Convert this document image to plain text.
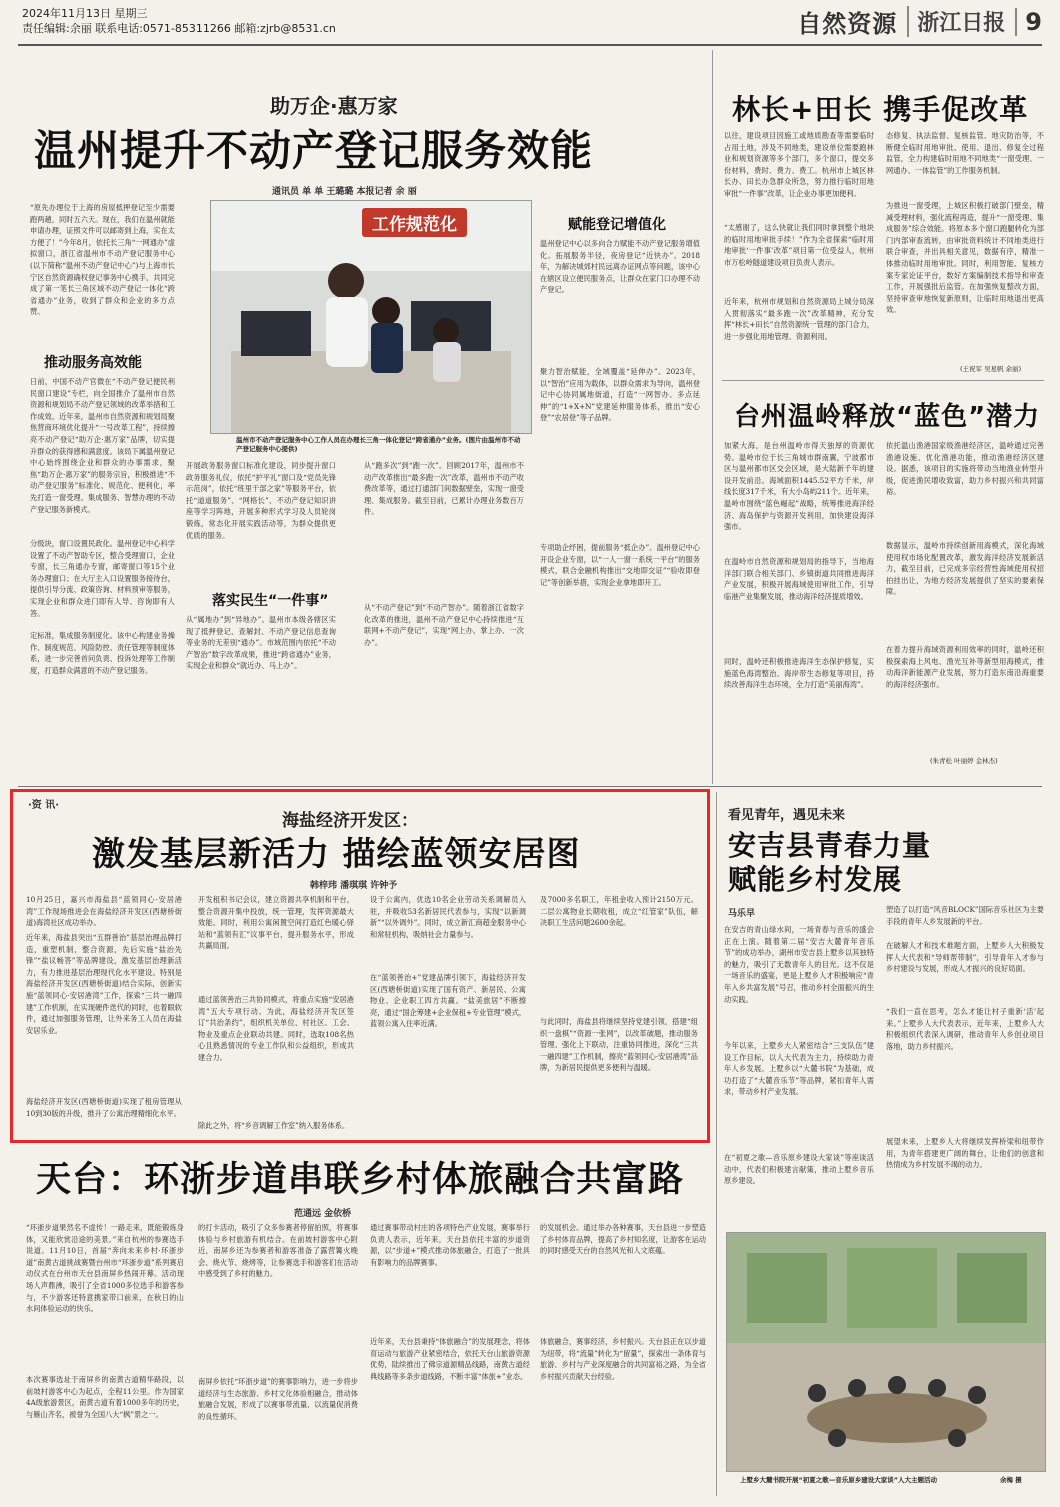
2024年11月13日 星期三
责任编辑:余丽 联系电话:0571-85311266 邮箱:zjrb@8531.cn	自然资源 浙江日报 9
助万企·惠万家
温州提升不动产登记服务效能
通讯员 单 单 王璐璐 本报记者 余 丽
“原先办理位于上海的房屋抵押登记至少需要跑两趟，同时五六天。现在，我们在温州就能申请办理，证照文件可以邮寄到上海，实在太方便了！”今年8月，依托长三角“一网通办”虚拟窗口，浙江省温州市不动产登记服务中心(以下简称“温州不动产登记中心”)与上海市长宁区自然资源确权登记事务中心携手，共同完成了第一笔长三角区域不动产登记一体化“跨省通办”业务，收到了群众和企业的多方点赞。
推动服务高效能
日前，中国不动产官微在“不动产登记便民利民窗口建设”专栏，向全国推介了温州市自然资源和规划局不动产登记领域的改革举措和工作成效。近年来，温州市自然资源和规划局聚焦营商环境优化提升“一号改革工程”，持续擦亮不动产登记“助万企·惠万家”品牌，切实提升群众的获得感和满意度。该局下属温州登记中心始终围绕企业和群众的办事需求，聚焦“助万企·惠万家”的服务宗旨，积极推进“不动产登记服务”标准化、规范化、便利化，率先打造一窗受理、集成服务、智慧办理的不动产登记服务新模式。
分级块，窗口设置民政化。温州登记中心科学设置了不动产智助专区，整合受理窗口，企业专窗，长三角通办专窗，邮寄窗口等15个业务办理窗口；在大厅主入口设置服务接待台，提供引导分流、政策咨询、材料预审等服务，实现企业和群众进门即有人导、咨询即有人答。
定标准，集成服务制度化。该中心构建业务操作、制度规范、风险防控、责任管理等制度体系，进一步完善首问负责、投诉处理等工作制度，打造群众满意的不动产登记服务。
工作规范化
温州市不动产登记服务中心工作人员在办理长三角一体化登记“跨省通办”业务。(图片由温州市不动产登记服务中心提供)
开展政务服务窗口标准化建设，同步提升窗口政务服务礼仪，依托“护平礼”窗口及“党员先锋示范岗”，依托“班里干部之家”等服务平台，依托“道道服务”、“网格长”、不动产登记知识讲座等学习阵地，开展多种形式学习及人员轮岗锻炼，常态化开展实践活动等，为群众提供更优质的服务。
落实民生“一件事”
从“属地办”到“异地办”。温州市本级各辖区实现了抵押登记、查解封、不动产登记信息查询等业务的无差别“通办”。市域范围内依托“不动产智治”数字改革成果，推进“跨省通办”业务，实现企业和群众“就近办、马上办”。
从“跑多次”到“跑一次”。回顾2017年，温州市不动产改革推出“最多跑一次”改革，温州市不动产收费改革等，通过打通部门间数据壁垒，实现一窗受理、集成服务。截至目前，已累计办理业务数百万件。
从“不动产登记”到“不动产智办”。随着浙江省数字化改革的推进，温州不动产登记中心持续推进“互联网+不动产登记”，实现“网上办、掌上办、一次办”。
赋能登记增值化
温州登记中心以多向合力赋能不动产登记服务增值化。拓展服务半径，夜房登记“近快办”。2018年，为解决城郊村民远离办证网点等问题，该中心在辖区设立便民服务点，让群众在家门口办理不动产登记。
聚力智治赋能，全域覆盖“延伸办”。2023年，以“智治”应用为载体，以群众需求为导向，温州登记中心协同属地街道，打造“一网智办、多点延伸”的“1+X+N”党建延伸服务体系，推出“安心登”“农居登”等子品牌。
专项助企纾困，提前服务“抵企办”。温州登记中心开设企业专窗，以“一人一窗一系统一平台”的服务模式，联合金融机构推出“交地即交证”“验收即登记”等创新举措，实现企业拿地即开工。
林长+田长 携手促改革
以往，建设项目因施工或地质勘查等需要临时占用土地，涉及不同地类，建设单位需要跑林业和规划资源等多个部门，多个窗口，提交多份材料，费时、费力、费工。杭州市上城区林长办、田长办急群众所急，努力推行临时用地审批“一件事”改革，让企业办事更加便利。
“太感谢了，这么快就让我们同时拿到整个地块的临时用地审批手续！”作为全省探索“临时用地审批‘一件事’改革”项目第一位受益人，杭州市万松岭隧道建设项目负责人表示。
近年来，杭州市规划和自然资源局上城分局深入贯彻落实“最多跑一次”改革精神，充分发挥“林长+田长”自然资源统一管理的部门合力，进一步强化用地管理、资源利用。
态修复、执法监督、复核监管、地灾防治等，不断健全临时用地审批、使用、退出、修复全过程监管，全力构建临时用地不同地类“一窗受理、一网通办、一体监管”的工作服务机制。
为推进一窗受理，上城区积极打破部门壁垒，精减受理材料，强化流程再造，提升“一窗受理、集成服务”综合效能。将原本多个窗口跑腿转化为部门内部审查流转，由审批资料统计不同地类进行联合审查，并出具相关意见，数据有序，精准一体推动临时用地审批。同时，利用智能、复核方案专家论证平台，数好方案编制技术指导和审查工作，开展强批后监管。在加强恢复整改方面，坚持审查审地恢复新原则，让临时用地退出更高效。
(王祝军 吴星帆 余丽)
台州温岭释放“蓝色”潜力
加紧大海，是台州温岭市得天独厚的资源优势。温岭市位于长三角城市群南翼，宁波都市区与温州都市区交会区域，是大陆新千年的建设开发前沿。海域面积1445.52平方千米，岸线长度317千米，有大小岛屿211个。近年来，温岭市围绕“蓝色崛起”战略，统筹推进海洋经济、海岛保护与资源开发利用，加快建设海洋强市。
在温岭市自然资源和规划局的指导下，当地海洋部门联合相关部门、乡镇街道共同推进海洋产业发展，积极开展海域使用审批工作，引导临港产业集聚发展，推动海洋经济提质增效。
同时，温岭还积极推进海洋生态保护修复，实施蓝色海湾整治、海岸带生态修复等项目，持续改善海洋生态环境，全力打造“美丽海湾”。
依托温山渔港国家级渔港经济区，温岭通过完善渔港设施、优化渔港功能，推动渔港经济区建设。据悉，该项目的实施将带动当地渔业转型升级，促进渔民增收致富，助力乡村振兴和共同富裕。
数据显示，温岭市持续创新用海模式，深化海域使用权市场化配置改革，激发海洋经济发展新活力，截至目前，已完成多宗经营性海域使用权招拍挂出让，为地方经济发展提供了坚实的要素保障。
在着力提升海域资源利用效率的同时，温岭还积极探索海上风电、渔光互补等新型用海模式，推动海洋新能源产业发展，努力打造东南沿海重要的海洋经济强市。
(朱青松 叶丽婷 金林杰)
·资 讯·
海盐经济开发区：
激发基层新活力 描绘蓝领安居图
韩梓玮 潘琪琪 许钟予
10月25日，嘉兴市海盐县“蓝领同心·安居港湾”工作现场推进会在海盐经济开发区(西塘桥街道)海湾社区成功举办。
近年来，海盐县突出“五群善治”基层治理品牌打造，重塑机制，整合资源，先后实施“盐治先锋”“盐议畅答”等品牌建设，激发基层治理新活力，有力推进基层治理现代化水平建设。特别是海盐经济开发区(西塘桥街道)结合实际，创新实施“蓝领同心·安居港湾”工作，探索“三共一融四建”工作机制，在实现硬件迭代的同时，也着眼软件，通过加强服务管理，让外来务工人员在海盐安居乐业。
海盐经济开发区(西塘桥街道)实现了租房管理从10到30版的升级，推升了公寓治理精细化水平。
开发租积书记会议，建立资源共享机制和平台，整合资源开集中投放，统一管理，发挥资源最大效能。同时，利用公寓闲置空间打造红色暖心驿站和“蓝领有汇”议事平台，提升服务水平，形成共赢局面。
通过蓝领善治三共协同模式，将重点实施“安居港湾”五大专项行动。为此，海盐经济开发区签订“共治条约”，组织机关单位、村社区、工会、物业及重点企业联动共建。同时，选取108名热心且熟悉情况的专业工作队和公益组织，形成共建合力。
除此之外，将“乡音调解工作室”纳入服务体系。
设于公寓内，优选10名企业劳动关系调解员入驻，并吸收53名新居民代表参与，实现“以新调新”“以外调外”。同时，成立新汇商超金服务中心和常驻机构，吸纳社会力量参与。
在“蓝领善治+”党建品牌引领下，海盐经济开发区(西塘桥街道)实现了国有资产、新居民、公寓物业、企业职工四方共赢。“盐美旅居”不断擦亮，通过“国企筹建+企业保租+专业管理”模式，蓝领公寓入住率近满。
及7000多名职工，年租金收入预计2150万元。二层公寓物业长期收租，成立“红管家”队伍，解决职工生活问题2600余起。
与此同时，海盐县将继续坚持党建引领，搭建“组织一盘棋”“资源一张网”，以改革破题，推动服务管理、强化上下联动，注重协同推进，深化“三共一融四建”工作机制，擦亮“蓝领同心·安居港湾”品牌，为新居民提供更多便利与温暖。
看见青年，遇见未来
安吉县青春力量
赋能乡村发展
马乐早
在安吉的青山绿水间，一场青春与音乐的盛会正在上演。随着第二届“安吉大麓青年音乐节”的成功举办，湖州市安吉县上墅乡以其独特的魅力，吸引了无数青年人的目光。这不仅是一场音乐的盛宴，更是上墅乡人才积极响应“青年入乡共富发展”号召，推动乡村全面振兴的生动实践。
今年以来，上墅乡大人紧密结合“三支队伍”建设工作目标，以人大代表为主力，持续助力青年人乡发展。上墅乡以“大麓书院”为基础，成功打造了“大麓音乐节”等品牌，紧扣青年人需求，带动乡村产业发展。
在“初夏之歌—音乐原乡建设大家谈”等座谈活动中，代表们积极建言献策，推动上墅乡音乐原乡建设。
塑造了以打造“风音BLOCK”国际音乐社区为主要手段的青年人乡发展新的平台。
在破解人才和技术难题方面，上墅乡人大积极发挥人大代表和“导师帮带制”，引导青年人才参与乡村建设与发展，形成人才振兴的良好局面。
“我们一直在思考，怎么才能让村子重新‘活’起来。”上墅乡人大代表表示，近年来，上墅乡人大积极组织代表深入调研，推动青年人乡创业项目落地，助力乡村振兴。
展望未来，上墅乡人大将继续发挥桥梁和纽带作用，为青年搭建更广阔的舞台，让他们的创意和热情成为乡村发展不竭的动力。
上墅乡大麓书院开展“初夏之歌—音乐原乡建设大家谈”人大主题活动	余梅 摄
天台：环浙步道串联乡村体旅融合共富路
范通远 金依桥
“环浙步道果然名不虚传！一路走来，既能锻炼身体，又能欣赏沿途的美景。”来自杭州的参赛选手说道。11月10日，首届“奔向未来乡村·环浙步道”南黄古道挑战赛暨台州市“环浙步道”系列赛启动仪式在台州市天台县南屏乡热闹开幕。活动现场人声鼎沸，吸引了全省1000多位选手和游客参与，不少游客还特意携家带口前来，在秋日的山水间体验运动的快乐。
本次赛事选址于南屏乡的南黄古道精华路段，以前坡村游客中心为起点，全程11公里。作为国家4A级旅游景区，南黄古道有着1000多年的历史，与雁山齐名，被誉为全国八大“枫”景之一。
的打卡活动，吸引了众多参赛者停留拍照，将赛事体验与乡村旅游有机结合。在前坡村游客中心附近，南屏乡还为参赛者和游客准备了露营篝火晚会、烧火节、烧烤等，让参赛选手和游客们在活动中感受到了乡村的魅力。
南屏乡依托“环浙步道”的赛事影响力，进一步将步道经济与生态旅游、乡村文化体验相融合，推动体旅融合发展，形成了以赛事带流量、以流量促消费的良性循环。
通过赛事带动村庄的各项特色产业发展，赛事举行负责人表示，近年来，天台县依托丰富的步道资源，以“步道+”模式推动体旅融合，打造了一批具有影响力的品牌赛事。
近年来，天台县秉持“体旅融合”的发展理念，将体育运动与旅游产业紧密结合，依托天台山旅游资源优势，陆续推出了佛宗道源精品线路，南黄古道经典线路等多条步道线路，不断丰富“体旅+”业态。
的发展机会。通过举办各种赛事，天台县进一步塑造了乡村体育品牌，提高了乡村知名度，让游客在运动的同时感受天台的自然风光和人文底蕴。
体旅融合，赛事经济，乡村振兴。天台县正在以步道为纽带，将“流量”转化为“留量”，探索出一条体育与旅游、乡村与产业深度融合的共同富裕之路，为全省乡村振兴贡献天台经验。
